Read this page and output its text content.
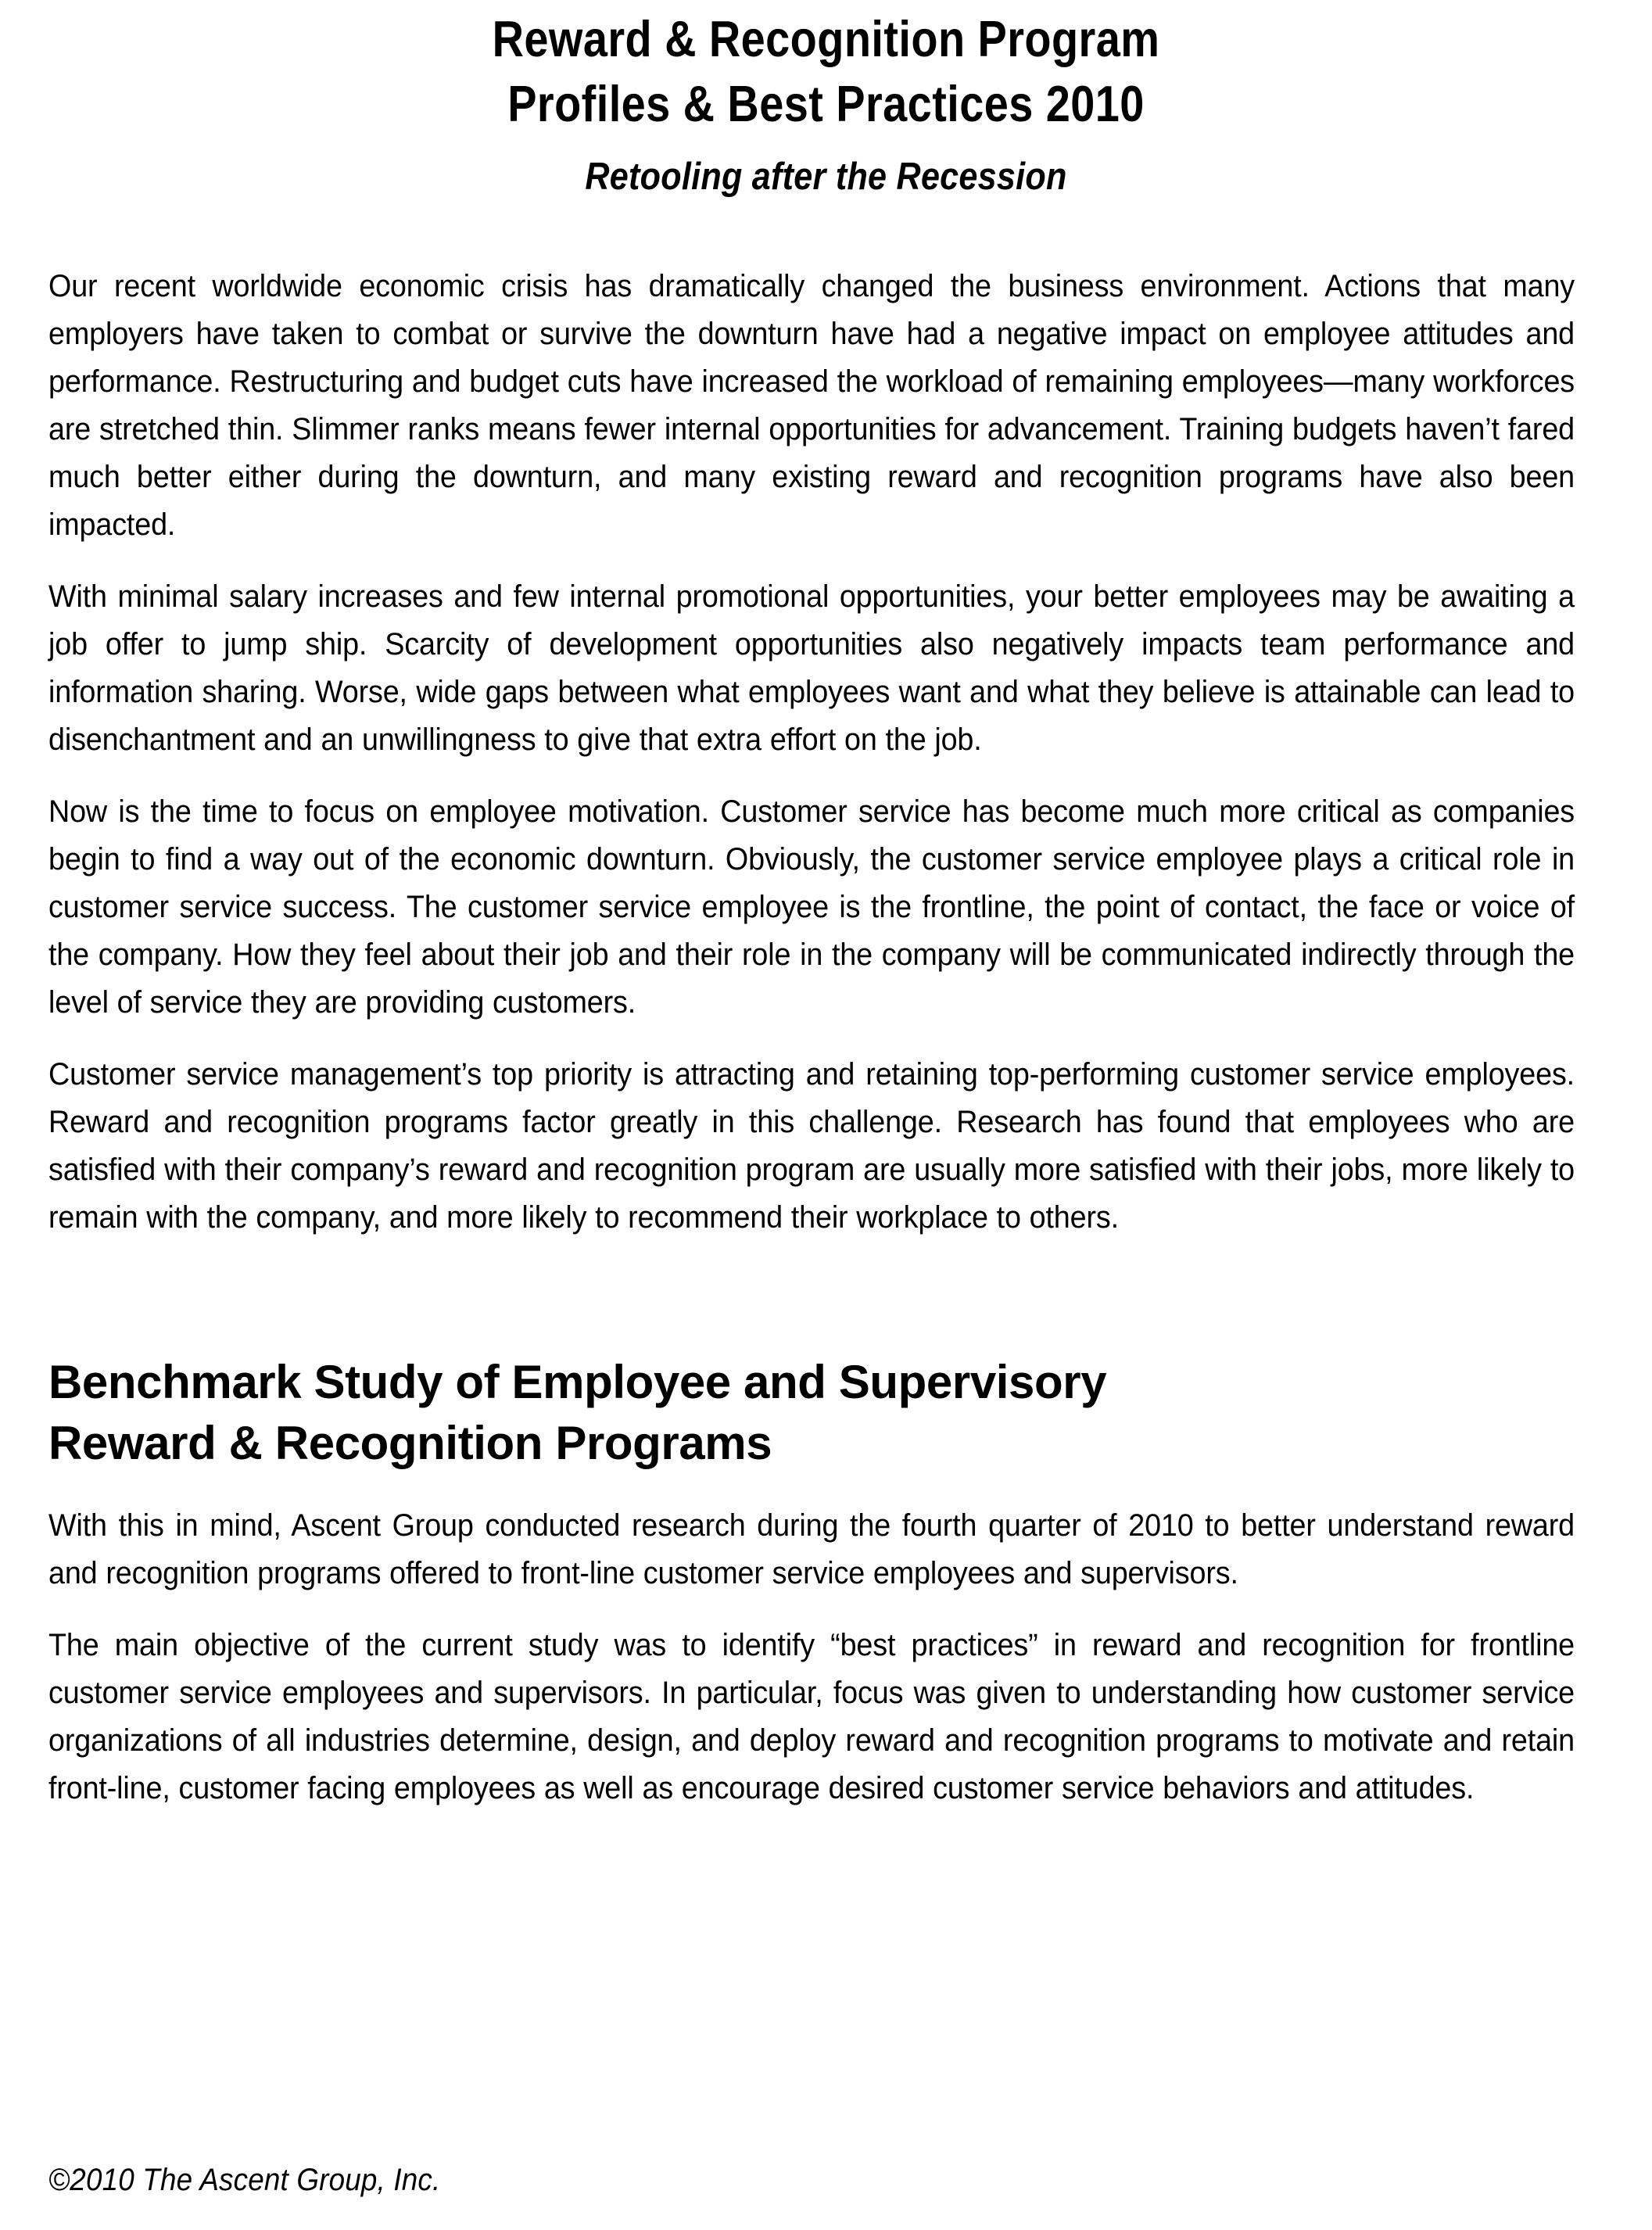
Reward & Recognition Program
Profiles & Best Practices 2010
Retooling after the Recession

Our recent worldwide economic crisis has dramatically changed the business environment. Actions that many employers have taken to combat or survive the downturn have had a negative impact on employee attitudes and performance. Restructuring and budget cuts have increased the workload of remaining employees—many workforces are stretched thin. Slimmer ranks means fewer internal opportunities for advancement. Training budgets haven’t fared much better either during the downturn, and many existing reward and recognition programs have also been impacted.

With minimal salary increases and few internal promotional opportunities, your better employees may be awaiting a job offer to jump ship. Scarcity of development opportunities also negatively impacts team performance and information sharing. Worse, wide gaps between what employees want and what they believe is attainable can lead to disenchantment and an unwillingness to give that extra effort on the job.

Now is the time to focus on employee motivation. Customer service has become much more critical as companies begin to find a way out of the economic downturn. Obviously, the customer service employee plays a critical role in customer service success. The customer service employee is the frontline, the point of contact, the face or voice of the company. How they feel about their job and their role in the company will be communicated indirectly through the level of service they are providing customers.

Customer service management’s top priority is attracting and retaining top-performing customer service employees. Reward and recognition programs factor greatly in this challenge. Research has found that employees who are satisfied with their company’s reward and recognition program are usually more satisfied with their jobs, more likely to remain with the company, and more likely to recommend their workplace to others.

Benchmark Study of Employee and Supervisory
Reward & Recognition Programs

With this in mind, Ascent Group conducted research during the fourth quarter of 2010 to better understand reward and recognition programs offered to front-line customer service employees and supervisors.

The main objective of the current study was to identify “best practices” in reward and recognition for frontline customer service employees and supervisors. In particular, focus was given to understanding how customer service organizations of all industries determine, design, and deploy reward and recognition programs to motivate and retain front-line, customer facing employees as well as encourage desired customer service behaviors and attitudes.

©2010 The Ascent Group, Inc.
